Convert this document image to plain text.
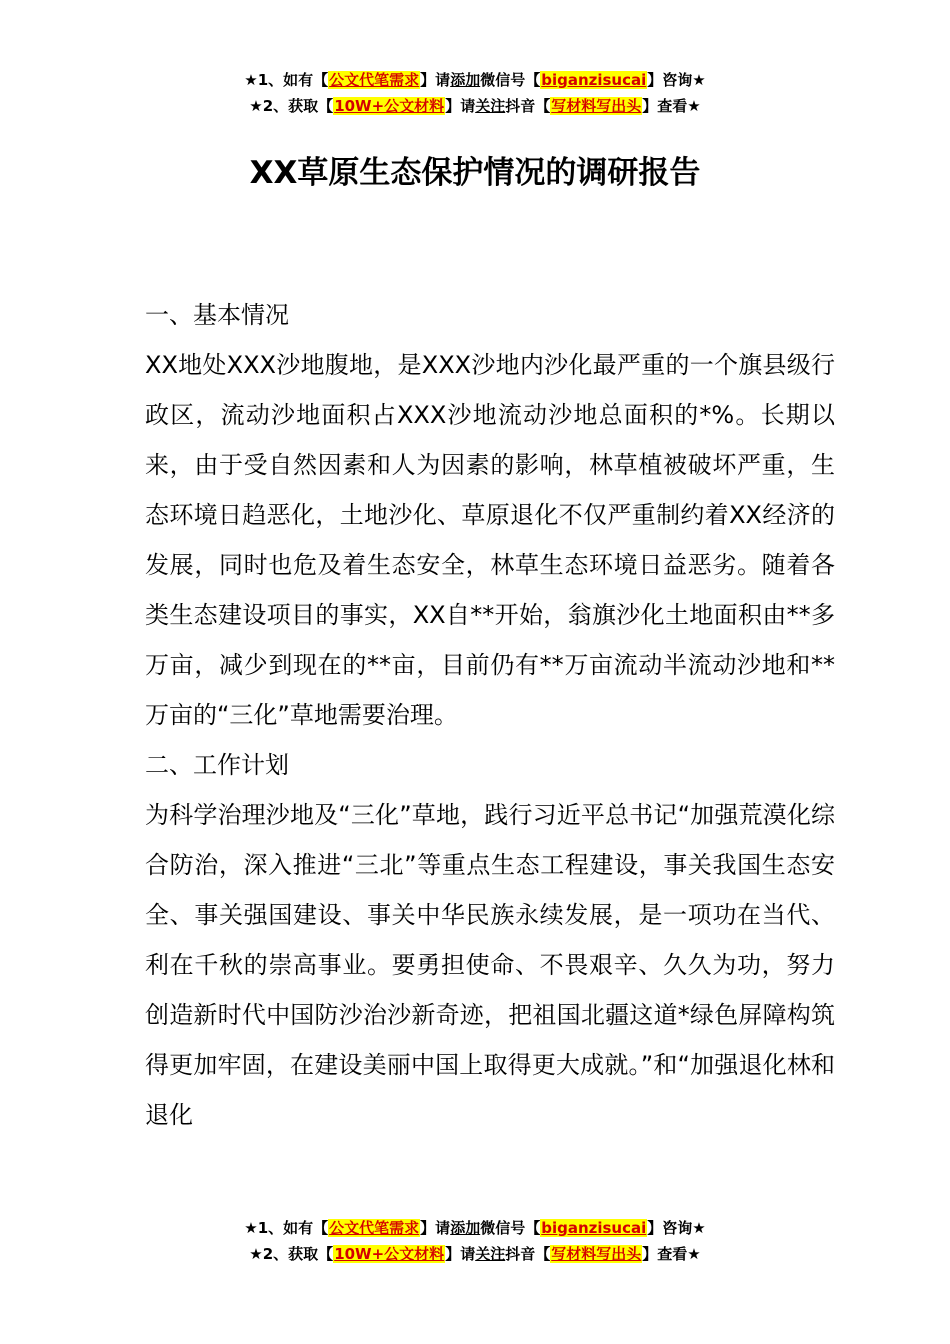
★1、如有【公文代笔需求】请添加微信号【biganzisucai】咨询★
★2、获取【10W+公文材料】请关注抖音【写材料写出头】查看★
XX草原生态保护情况的调研报告

一、基本情况

XX地处XXX沙地腹地，是XXX沙地内沙化最严重的一个旗县级行政区，流动沙地面积占XXX沙地流动沙地总面积的*%。长期以来，由于受自然因素和人为因素的影响，林草植被破坏严重，生态环境日趋恶化，土地沙化、草原退化不仅严重制约着XX经济的发展，同时也危及着生态安全，林草生态环境日益恶劣。随着各类生态建设项目的事实，XX自**开始，翁旗沙化土地面积由**多万亩，减少到现在的**亩，目前仍有**万亩流动半流动沙地和**万亩的“三化”草地需要治理。

二、工作计划

为科学治理沙地及“三化”草地，践行习近平总书记“加强荒漠化综合防治，深入推进“三北”等重点生态工程建设，事关我国生态安全、事关强国建设、事关中华民族永续发展，是一项功在当代、利在千秋的崇高事业。要勇担使命、不畏艰辛、久久为功，努力创造新时代中国防沙治沙新奇迹，把祖国北疆这道*绿色屏障构筑得更加牢固，在建设美丽中国上取得更大成就。”和“加强退化林和退化

★1、如有【公文代笔需求】请添加微信号【biganzisucai】咨询★
★2、获取【10W+公文材料】请关注抖音【写材料写出头】查看★
